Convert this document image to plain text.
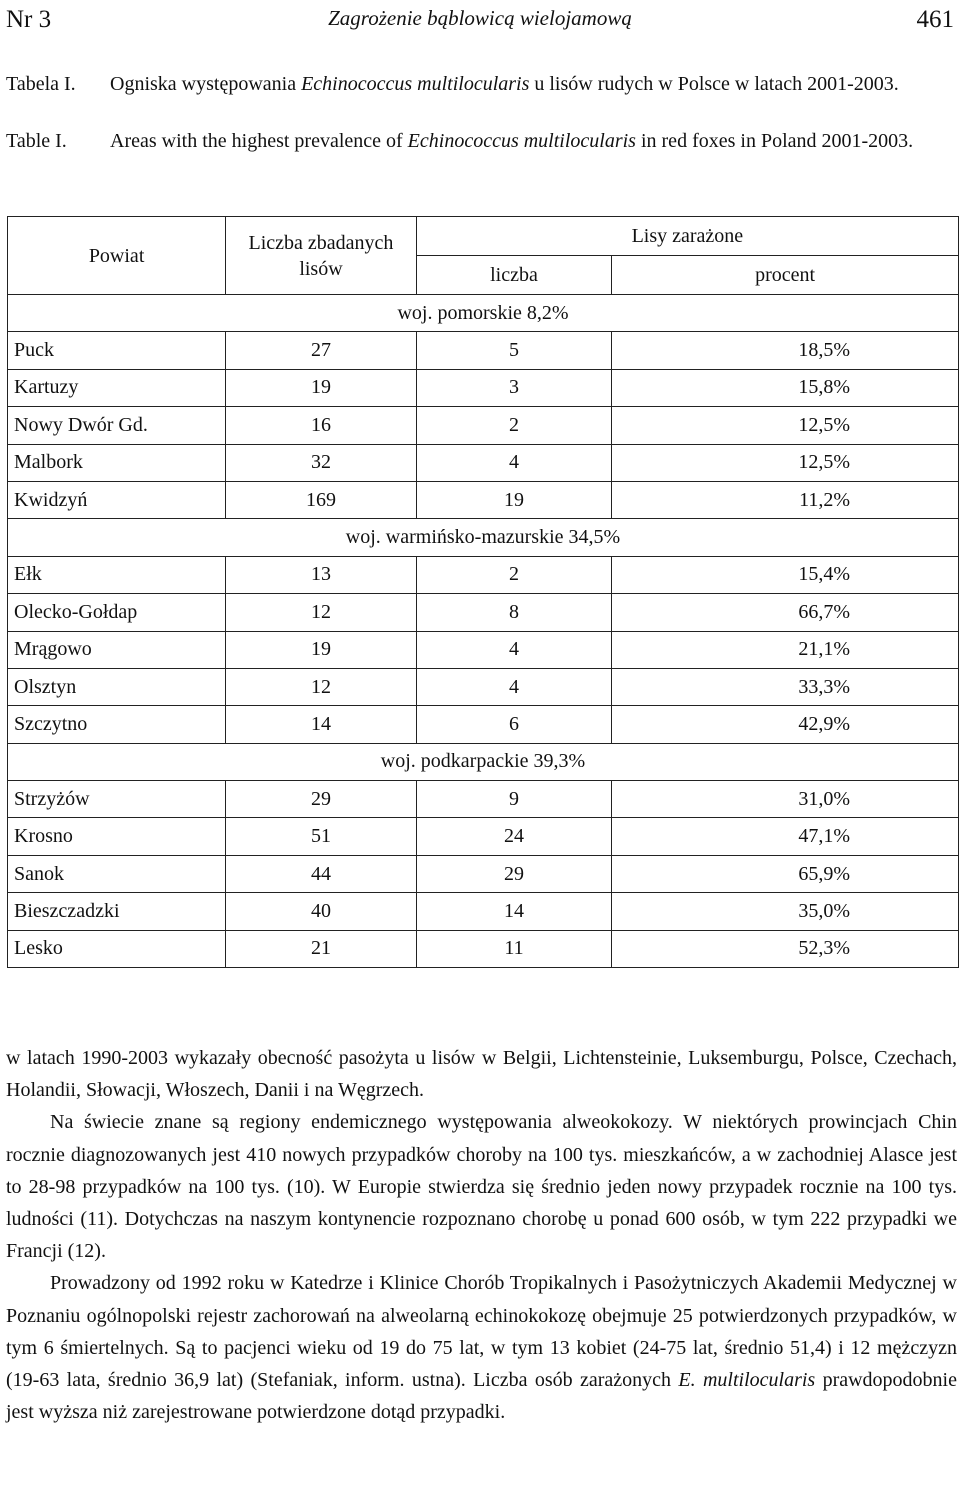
Nr 3	Zagrożenie bąblowicą wielojamową	461
Tabela I. Ogniska występowania Echinococcus multilocularis u lisów rudych w Polsce w latach 2001-2003.
Table I. Areas with the highest prevalence of Echinococcus multilocularis in red foxes in Poland 2001-2003.
Powiat	Liczba zbadanych lisów	Lisy zarażone	
		liczba	procent
woj. pomorskie 8,2%			
Puck	27	5	18,5%
Kartuzy	19	3	15,8%
Nowy Dwór Gd.	16	2	12,5%
Malbork	32	4	12,5%
Kwidzyń	169	19	11,2%
woj. warmińsko-mazurskie 34,5%			
Ełk	13	2	15,4%
Olecko-Gołdap	12	8	66,7%
Mrągowo	19	4	21,1%
Olsztyn	12	4	33,3%
Szczytno	14	6	42,9%
woj. podkarpackie 39,3%			
Strzyżów	29	9	31,0%
Krosno	51	24	47,1%
Sanok	44	29	65,9%
Bieszczadzki	40	14	35,0%
Lesko	21	11	52,3%

w latach 1990-2003 wykazały obecność pasożyta u lisów w Belgii, Lichtensteinie, Luksemburgu, Polsce, Czechach, Holandii, Słowacji, Włoszech, Danii i na Węgrzech.

Na świecie znane są regiony endemicznego występowania alweokokozy. W niektórych prowincjach Chin rocznie diagnozowanych jest 410 nowych przypadków choroby na 100 tys. mieszkańców, a w zachodniej Alasce jest to 28-98 przypadków na 100 tys. (10). W Europie stwierdza się średnio jeden nowy przypadek rocznie na 100 tys. ludności (11). Dotychczas na naszym kontynencie rozpoznano chorobę u ponad 600 osób, w tym 222 przypadki we Francji (12).

Prowadzony od 1992 roku w Katedrze i Klinice Chorób Tropikalnych i Pasożytniczych Akademii Medycznej w Poznaniu ogólnopolski rejestr zachorowań na alweolarną echinokokozę obejmuje 25 potwierdzonych przypadków, w tym 6 śmiertelnych. Są to pacjenci wieku od 19 do 75 lat, w tym 13 kobiet (24-75 lat, średnio 51,4) i 12 mężczyzn (19-63 lata, średnio 36,9 lat) (Stefaniak, inform. ustna). Liczba osób zarażonych E. multilocularis prawdopodobnie jest wyższa niż zarejestrowane potwierdzone dotąd przypadki.
